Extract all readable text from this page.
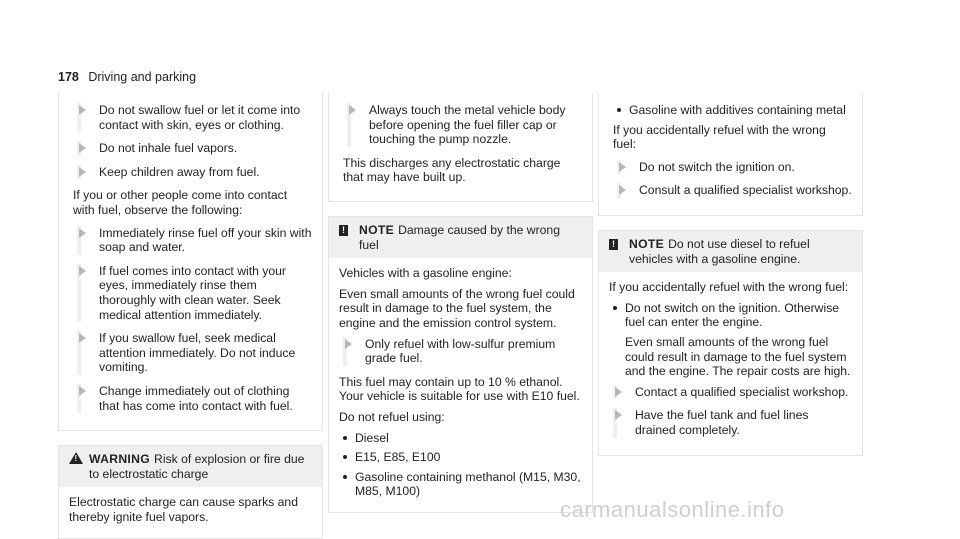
178 Driving and parking
Do not swallow fuel or let it come into contact with skin, eyes or clothing.
Do not inhale fuel vapors.
Keep children away from fuel.

If you or other people come into contact with fuel, observe the following:

Immediately rinse fuel off your skin with soap and water.
If fuel comes into contact with your eyes, immediately rinse them thoroughly with clean water. Seek medical attention immediately.
If you swallow fuel, seek medical attention immediately. Do not induce vomiting.
Change immediately out of clothing that has come into contact with fuel.
! WARNING Risk of explosion or fire due to electrostatic charge

Electrostatic charge can cause sparks and thereby ignite fuel vapors.

Always touch the metal vehicle body before opening the fuel filler cap or touching the pump nozzle.

This discharges any electrostatic charge that may have built up.

! NOTE Damage caused by the wrong fuel

Vehicles with a gasoline engine:

Even small amounts of the wrong fuel could result in damage to the fuel system, the engine and the emission control system.

Only refuel with low-sulfur premium grade fuel.

This fuel may contain up to 10 % ethanol. Your vehicle is suitable for use with E10 fuel.

Do not refuel using:

Diesel
E15, E85, E100
Gasoline containing methanol (M15, M30, M85, M100)
Gasoline with additives containing metal

If you accidentally refuel with the wrong fuel:

Do not switch the ignition on.
Consult a qualified specialist workshop.
! NOTE Do not use diesel to refuel vehicles with a gasoline engine.

If you accidentally refuel with the wrong fuel:

Do not switch on the ignition. Otherwise fuel can enter the engine.

Even small amounts of the wrong fuel could result in damage to the fuel system and the engine. The repair costs are high.

Contact a qualified specialist workshop.
Have the fuel tank and fuel lines drained completely.
carmanualsonline.info
